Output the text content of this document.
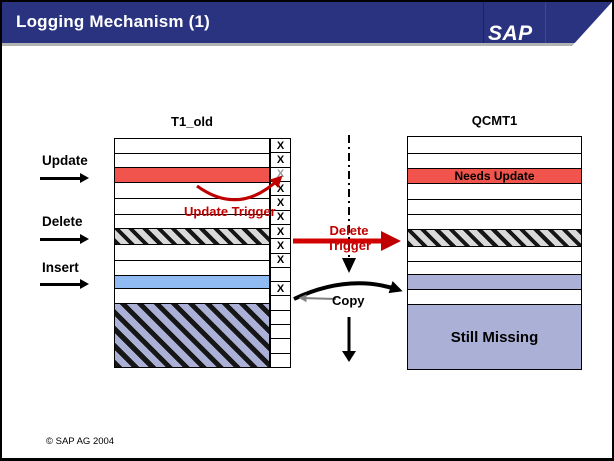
SAP
Logging Mechanism (1)
Update
Delete
Insert
T1_old	QCMT1
X
X
X
X
X
X
X
X
X
X
Needs Update
Still Missing
Update Trigger
Delete
Trigger
Copy
© SAP AG 2004
